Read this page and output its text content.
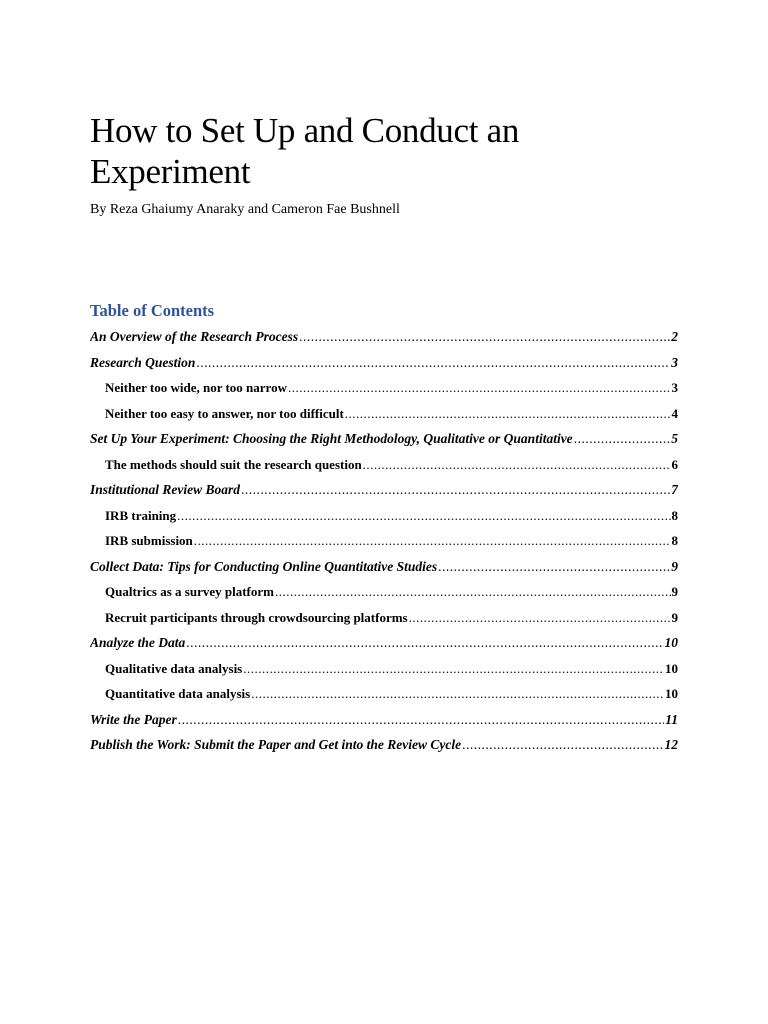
How to Set Up and Conduct an Experiment
By Reza Ghaiumy Anaraky and Cameron Fae Bushnell
Table of Contents
An Overview of the Research Process .....	2
Research Question .....	3
Neither too wide, nor too narrow .....	3
Neither too easy to answer, nor too difficult .....	4
Set Up Your Experiment: Choosing the Right Methodology, Qualitative or Quantitative .....	5
The methods should suit the research question .....	6
Institutional Review Board .....	7
IRB training .....	8
IRB submission .....	8
Collect Data: Tips for Conducting Online Quantitative Studies .....	9
Qualtrics as a survey platform .....	9
Recruit participants through crowdsourcing platforms .....	9
Analyze the Data .....	10
Qualitative data analysis .....	10
Quantitative data analysis .....	10
Write the Paper .....	11
Publish the Work: Submit the Paper and Get into the Review Cycle .....	12
